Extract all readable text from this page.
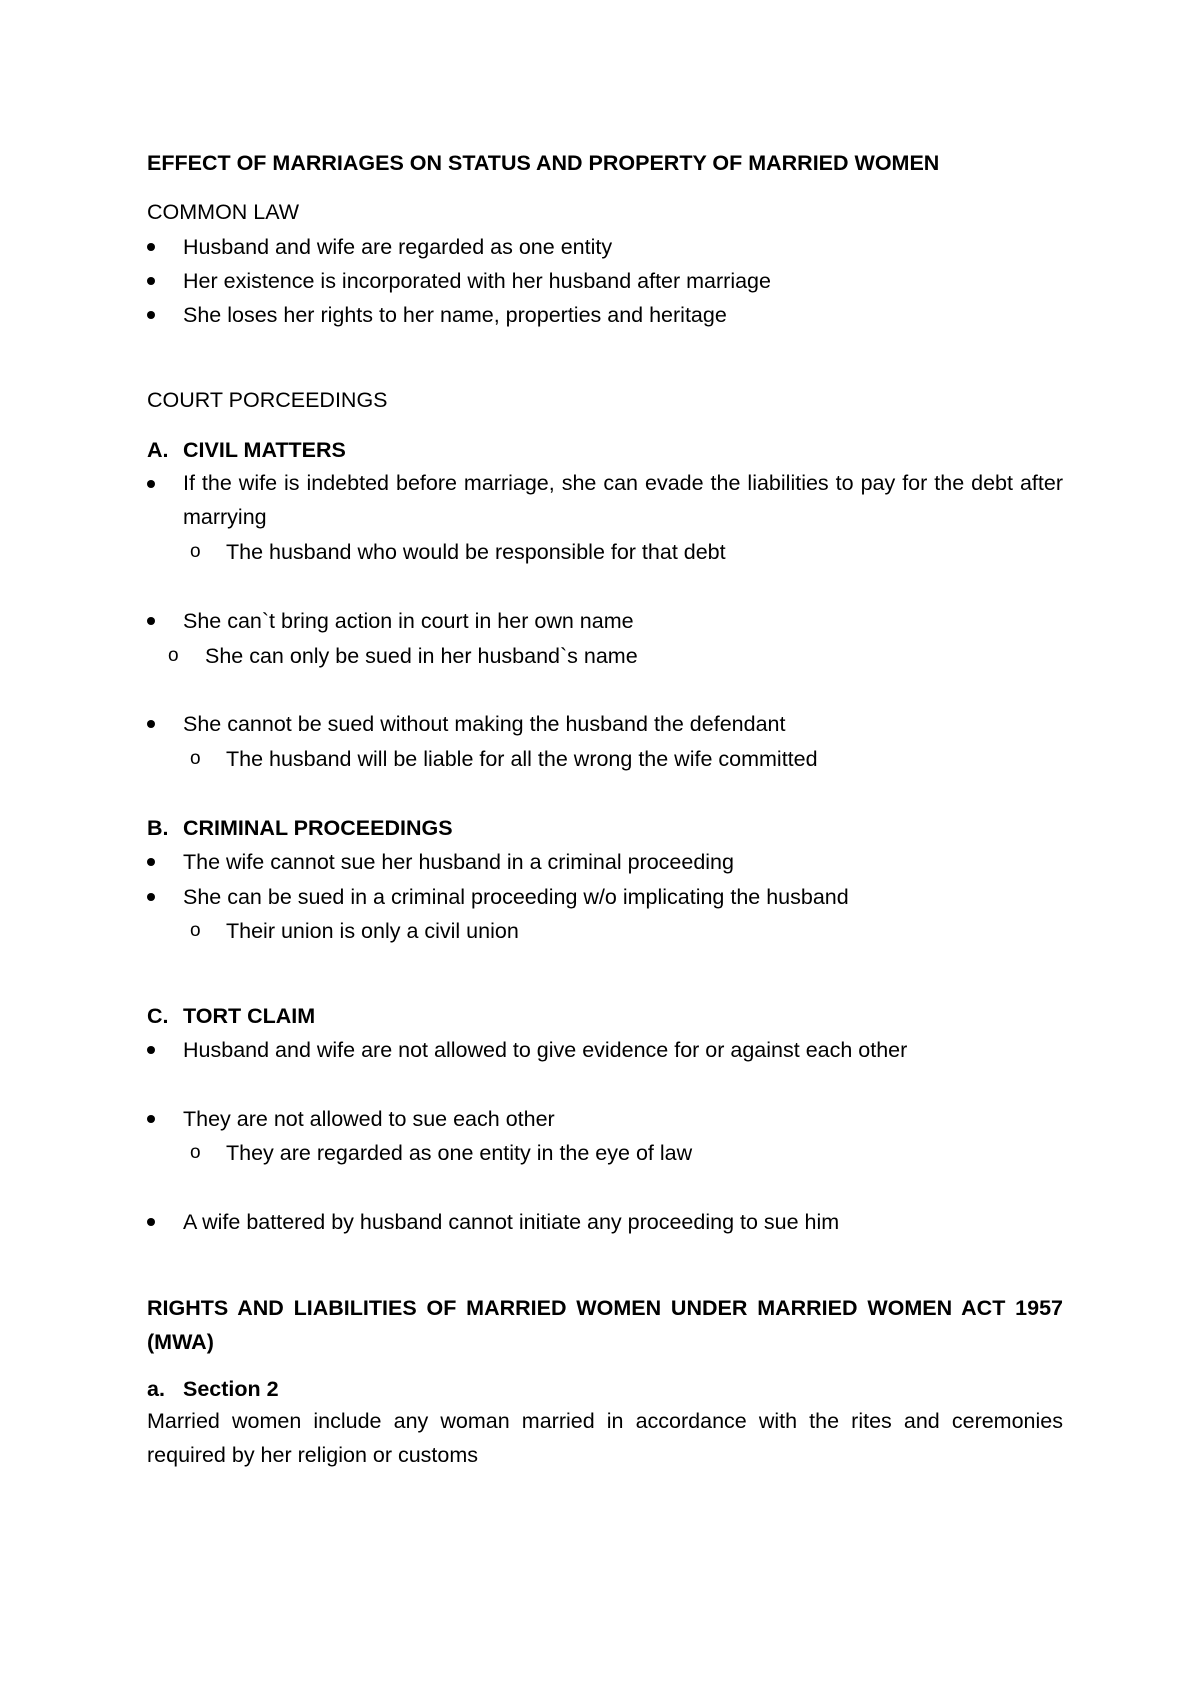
EFFECT OF MARRIAGES ON STATUS AND PROPERTY OF MARRIED WOMEN
COMMON LAW
Husband and wife are regarded as one entity
Her existence is incorporated with her husband after marriage
She loses her rights to her name, properties and heritage
COURT PORCEEDINGS
A. CIVIL MATTERS
If the wife is indebted before marriage, she can evade the liabilities to pay for the debt after marrying
o The husband who would be responsible for that debt
She can`t bring action in court in her own name
o She can only be sued in her husband`s name
She cannot be sued without making the husband the defendant
o The husband will be liable for all the wrong the wife committed
B. CRIMINAL PROCEEDINGS
The wife cannot sue her husband in a criminal proceeding
She can be sued in a criminal proceeding w/o implicating the husband
o Their union is only a civil union
C. TORT CLAIM
Husband and wife are not allowed to give evidence for or against each other
They are not allowed to sue each other
o They are regarded as one entity in the eye of law
A wife battered by husband cannot initiate any proceeding to sue him
RIGHTS AND LIABILITIES OF MARRIED WOMEN UNDER MARRIED WOMEN ACT 1957 (MWA)
a. Section 2
Married women include any woman married in accordance with the rites and ceremonies required by her religion or customs
